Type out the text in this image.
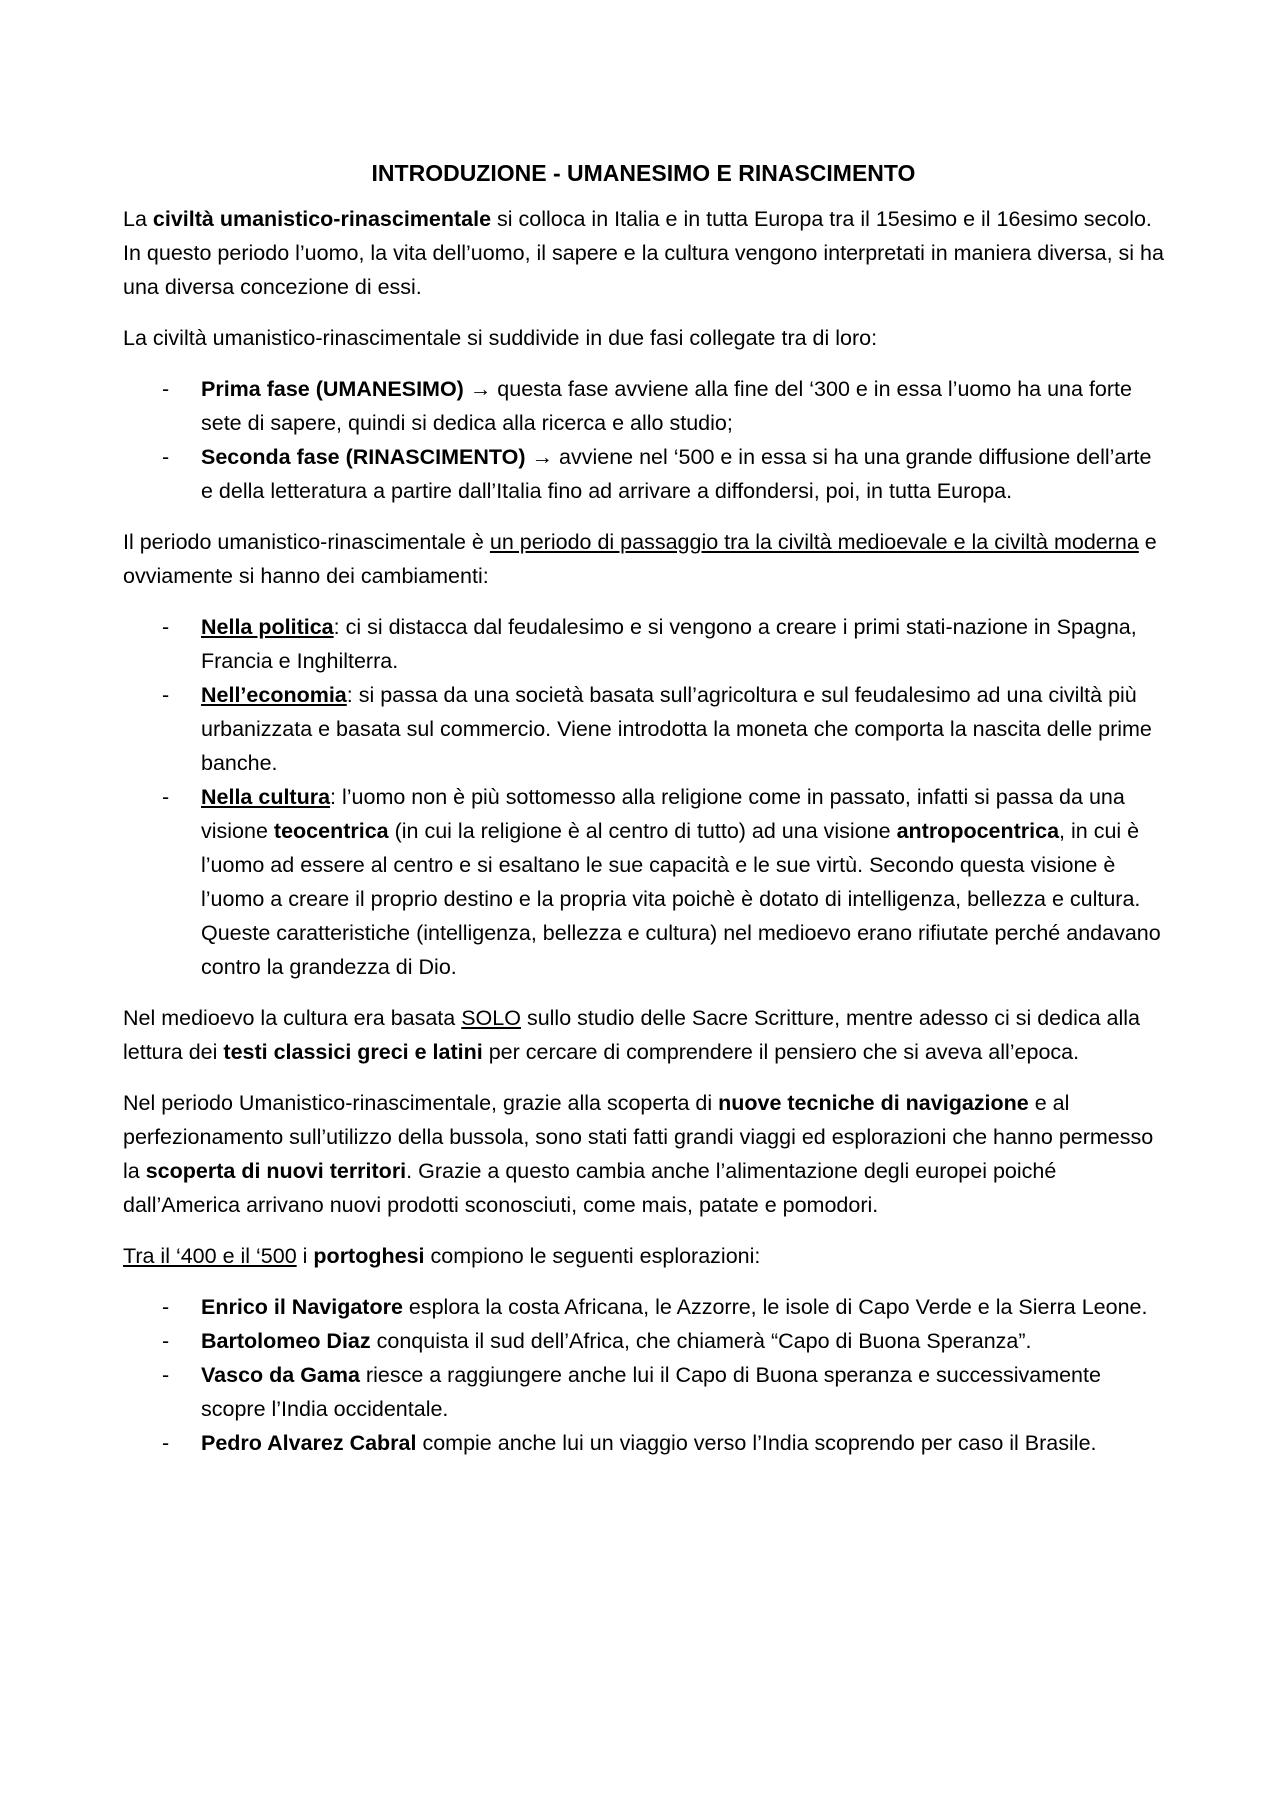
INTRODUZIONE - UMANESIMO E RINASCIMENTO

La civiltà umanistico-rinascimentale si colloca in Italia e in tutta Europa tra il 15esimo e il 16esimo secolo. In questo periodo l’uomo, la vita dell’uomo, il sapere e la cultura vengono interpretati in maniera diversa, si ha una diversa concezione di essi.

La civiltà umanistico-rinascimentale si suddivide in due fasi collegate tra di loro:

- Prima fase (UMANESIMO) → questa fase avviene alla fine del ‘300 e in essa l’uomo ha una forte sete di sapere, quindi si dedica alla ricerca e allo studio;
- Seconda fase (RINASCIMENTO) → avviene nel ‘500 e in essa si ha una grande diffusione dell’arte e della letteratura a partire dall’Italia fino ad arrivare a diffondersi, poi, in tutta Europa.

Il periodo umanistico-rinascimentale è un periodo di passaggio tra la civiltà medioevale e la civiltà moderna e ovviamente si hanno dei cambiamenti:

- Nella politica: ci si distacca dal feudalesimo e si vengono a creare i primi stati-nazione in Spagna, Francia e Inghilterra.
- Nell’economia: si passa da una società basata sull’agricoltura e sul feudalesimo ad una civiltà più urbanizzata e basata sul commercio. Viene introdotta la moneta che comporta la nascita delle prime banche.
- Nella cultura: l’uomo non è più sottomesso alla religione come in passato, infatti si passa da una visione teocentrica (in cui la religione è al centro di tutto) ad una visione antropocentrica, in cui è l’uomo ad essere al centro e si esaltano le sue capacità e le sue virtù. Secondo questa visione è l’uomo a creare il proprio destino e la propria vita poichè è dotato di intelligenza, bellezza e cultura. Queste caratteristiche (intelligenza, bellezza e cultura) nel medioevo erano rifiutate perché andavano contro la grandezza di Dio.

Nel medioevo la cultura era basata SOLO sullo studio delle Sacre Scritture, mentre adesso ci si dedica alla lettura dei testi classici greci e latini per cercare di comprendere il pensiero che si aveva all’epoca.

Nel periodo Umanistico-rinascimentale, grazie alla scoperta di nuove tecniche di navigazione e al perfezionamento sull’utilizzo della bussola, sono stati fatti grandi viaggi ed esplorazioni che hanno permesso la scoperta di nuovi territori. Grazie a questo cambia anche l’alimentazione degli europei poiché dall’America arrivano nuovi prodotti sconosciuti, come mais, patate e pomodori.

Tra il ‘400 e il ‘500 i portoghesi compiono le seguenti esplorazioni:

- Enrico il Navigatore esplora la costa Africana, le Azzorre, le isole di Capo Verde e la Sierra Leone.
- Bartolomeo Diaz conquista il sud dell’Africa, che chiamerà “Capo di Buona Speranza”.
- Vasco da Gama riesce a raggiungere anche lui il Capo di Buona speranza e successivamente scopre l’India occidentale.
- Pedro Alvarez Cabral compie anche lui un viaggio verso l’India scoprendo per caso il Brasile.
